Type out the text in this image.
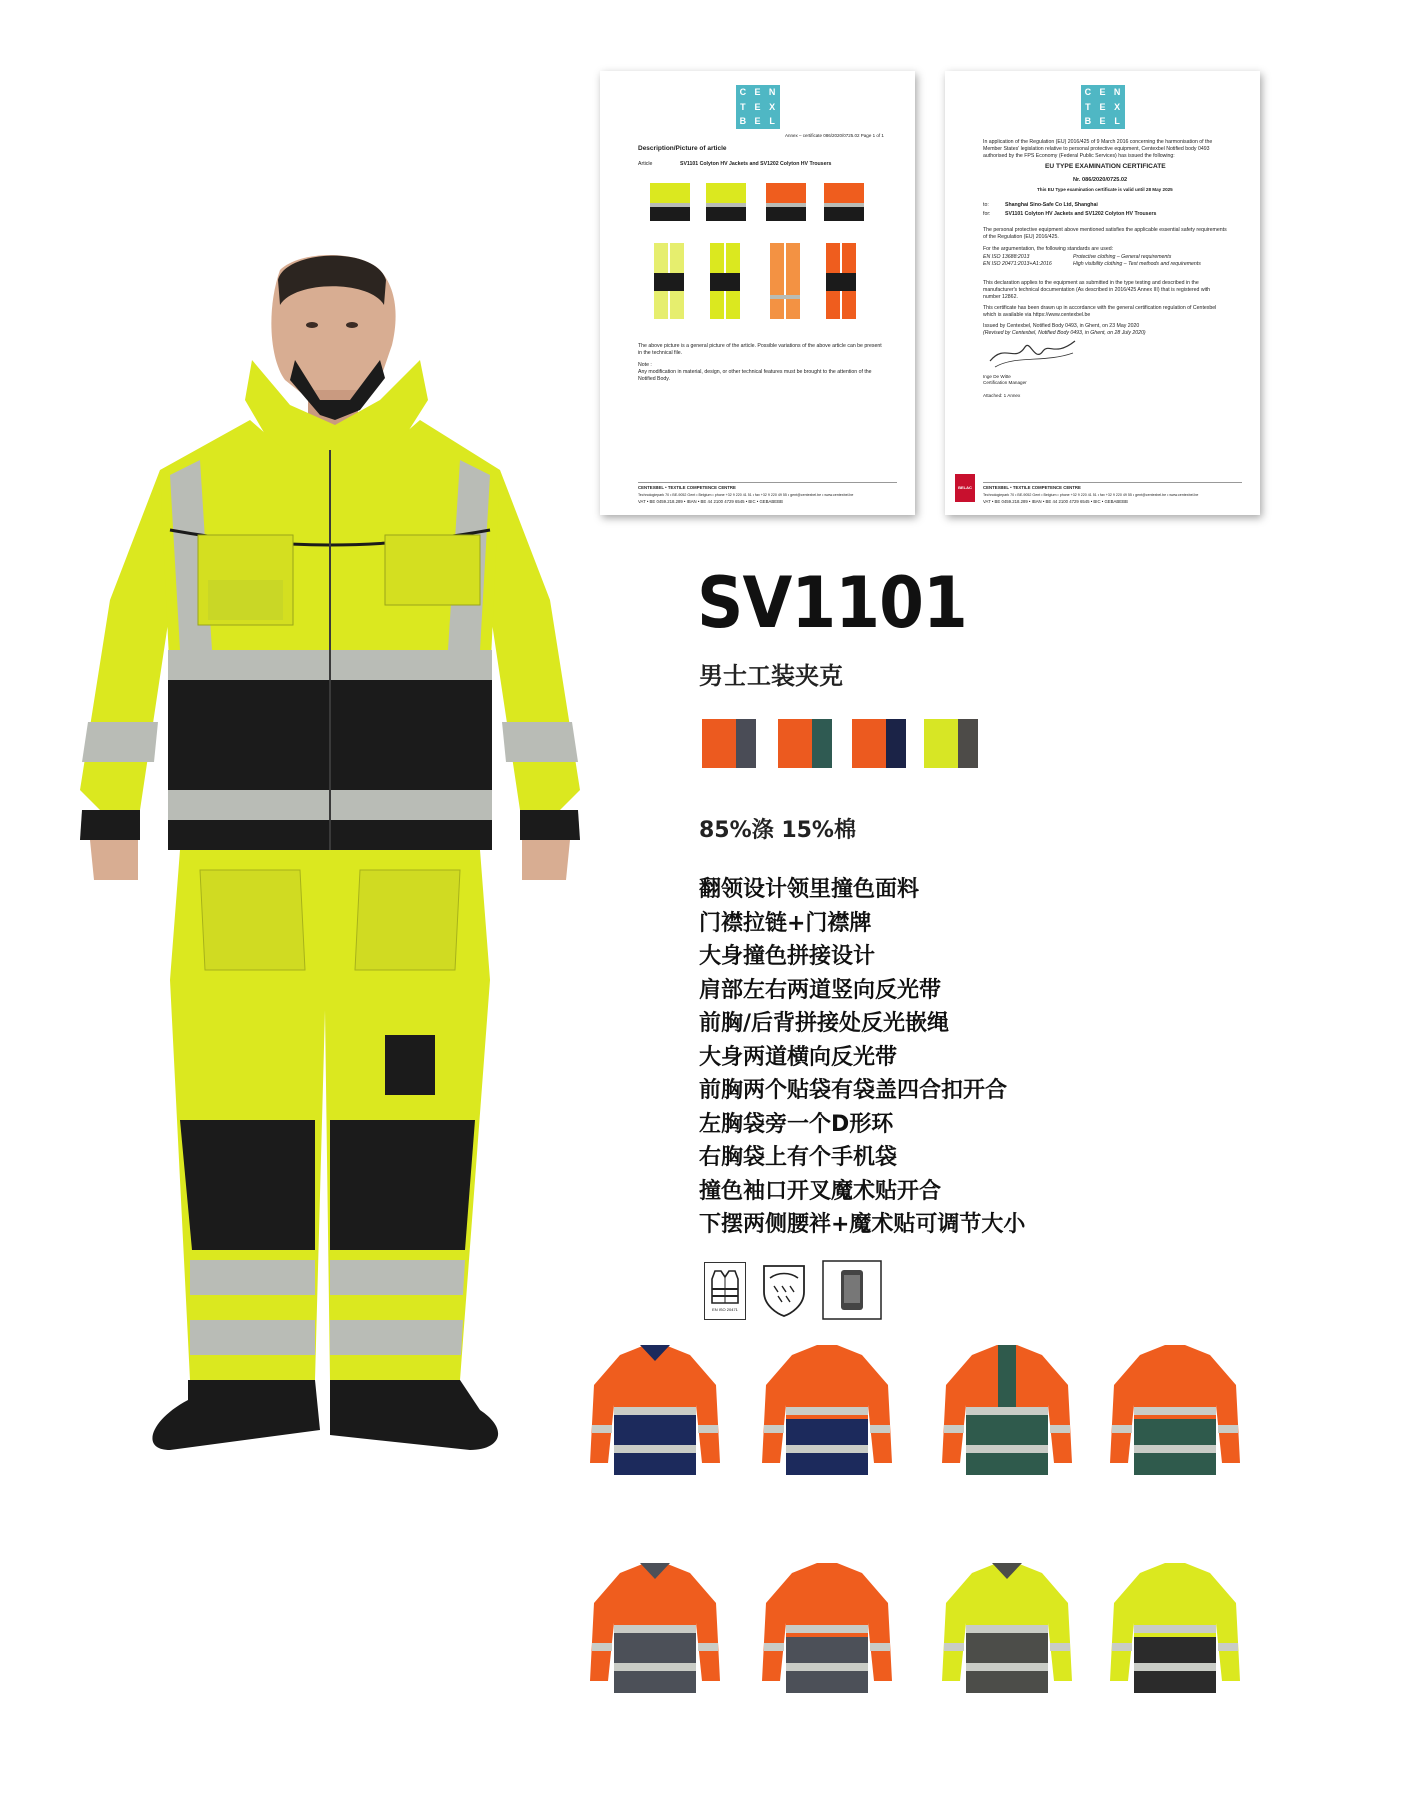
C E N
T E X
B E L
Annex – certificate 086/2020/0725.02 Page 1 of 1
Description/Picture of article
Article	SV1101 Colyton HV Jackets and SV1202 Colyton HV Trousers
The above picture is a general picture of the article. Possible variations of the above article can be present
in the technical file.
Note :
Any modification in material, design, or other technical features must be brought to the attention of the
Notified Body.
CENTEXBEL • TEXTILE COMPETENCE CENTRE
Technologiepark 70 • BE-9052 Gent • Belgium • phone +32 9 220 41 51 • fax +32 9 220 49 55 • gent@centexbel.be • www.centexbel.be
VAT • BE 0459.218.289 • IBAN • BE 44 2100 4729 6545 • BIC • GEBABEBB
C E N
T E X
B E L
In application of the Regulation (EU) 2016/425 of 9 March 2016 concerning the harmonisation of the
Member States' legislation relative to personal protective equipment, Centexbel Notified body 0493
authorised by the FPS Economy (Federal Public Services) has issued the following:
EU TYPE EXAMINATION CERTIFICATE
Nr. 086/2020/0725.02
This EU Type examination certificate is valid until 28 May 2025
to:	Shanghai Sino-Safe Co Ltd, Shanghai
for:	SV1101 Colyton HV Jackets and SV1202 Colyton HV Trousers
The personal protective equipment above mentioned satisfies the applicable essential safety requirements
of the Regulation (EU) 2016/425.
For the argumentation, the following standards are used:
EN ISO 13688:2013	Protective clothing – General requirements
EN ISO 20471:2013+A1:2016	High visibility clothing – Test methods and requirements
This declaration applies to the equipment as submitted in the type testing and described in the
manufacturer's technical documentation (As described in 2016/425 Annex III) that is registered with
number 12862.
This certificate has been drawn up in accordance with the general certification regulation of Centexbel
which is available via https://www.centexbel.be
Issued by Centexbel, Notified Body 0493, in Ghent, on 23 May 2020
(Revised by Centexbel, Notified Body 0493, in Ghent, on 28 July 2020)
Inge De Witte
Certification Manager
Attached: 1 Annex
BELAC	CENTEXBEL • TEXTILE COMPETENCE CENTRE
Technologiepark 70 • BE-9052 Gent • Belgium • phone +32 9 220 41 51 • fax +32 9 220 49 55 • gent@centexbel.be • www.centexbel.be
VAT • BE 0459.218.289 • IBAN • BE 44 2100 4729 6545 • BIC • GEBABEBB
SV1101
男士工装夹克
85%涤 15%棉
翻领设计领里撞色面料
门襟拉链+门襟牌
大身撞色拼接设计
肩部左右两道竖向反光带
前胸/后背拼接处反光嵌绳
大身两道横向反光带
前胸两个贴袋有袋盖四合扣开合
左胸袋旁一个D形环
右胸袋上有个手机袋
撞色袖口开叉魔术贴开合
下摆两侧腰袢+魔术贴可调节大小
EN ISO 20471
